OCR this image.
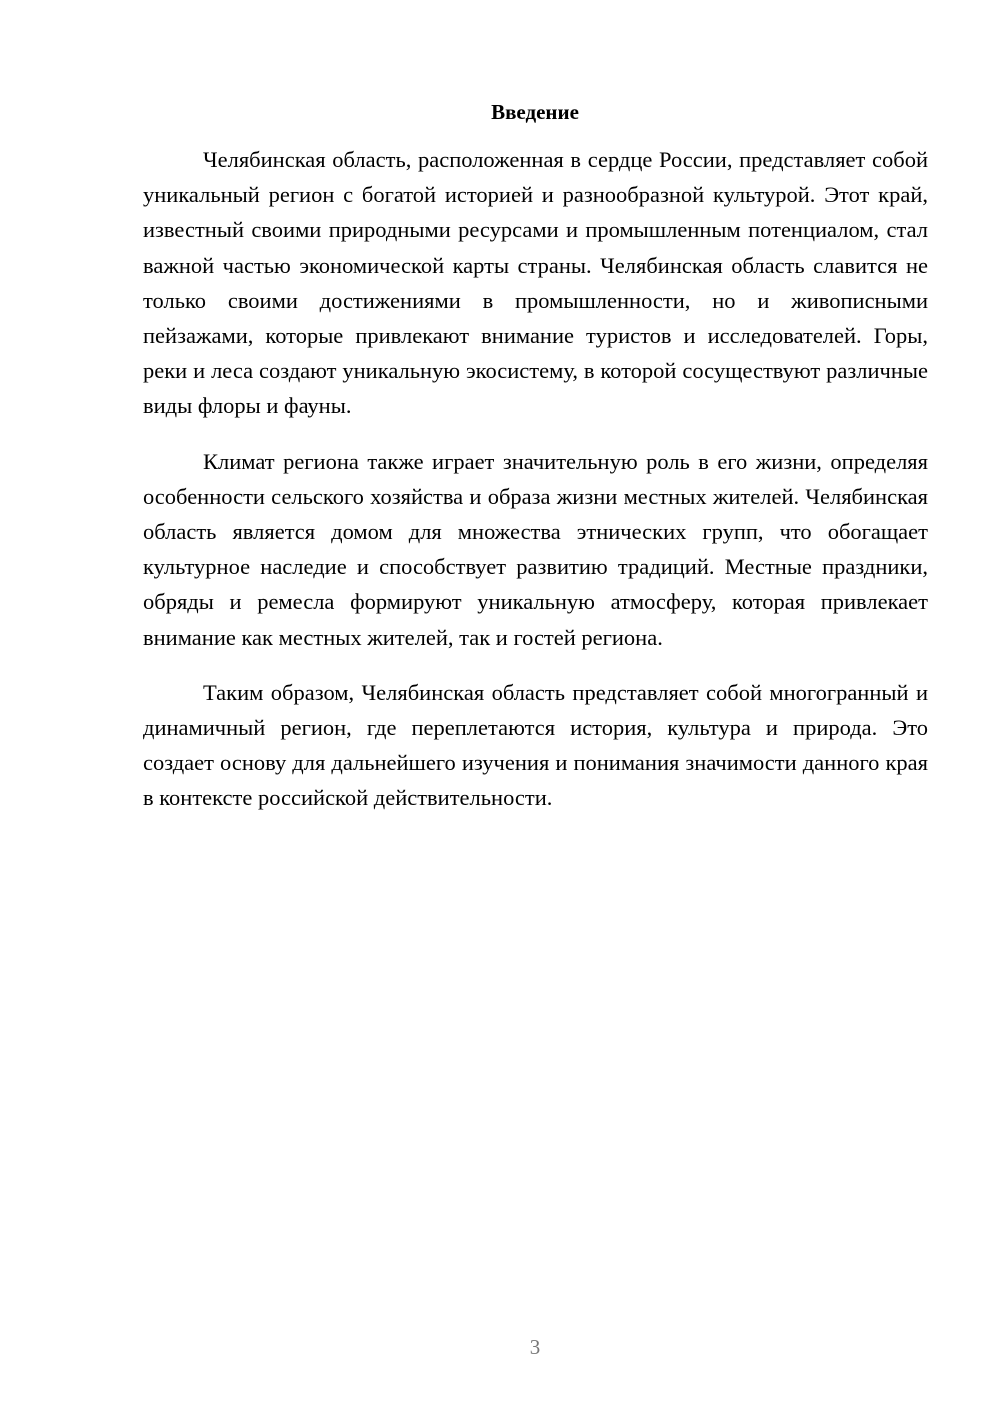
Введение

Челябинская область, расположенная в сердце России, представляет собой уникальный регион с богатой историей и разнообразной культурой. Этот край, известный своими природными ресурсами и промышленным потенциалом, стал важной частью экономической карты страны. Челябинская область славится не только своими достижениями в промышленности, но и живописными пейзажами, которые привлекают внимание туристов и исследователей. Горы, реки и леса создают уникальную экосистему, в которой сосуществуют различные виды флоры и фауны.

Климат региона также играет значительную роль в его жизни, определяя особенности сельского хозяйства и образа жизни местных жителей. Челябинская область является домом для множества этнических групп, что обогащает культурное наследие и способствует развитию традиций. Местные праздники, обряды и ремесла формируют уникальную атмосферу, которая привлекает внимание как местных жителей, так и гостей региона.

Таким образом, Челябинская область представляет собой многогранный и динамичный регион, где переплетаются история, культура и природа. Это создает основу для дальнейшего изучения и понимания значимости данного края в контексте российской действительности.

3
